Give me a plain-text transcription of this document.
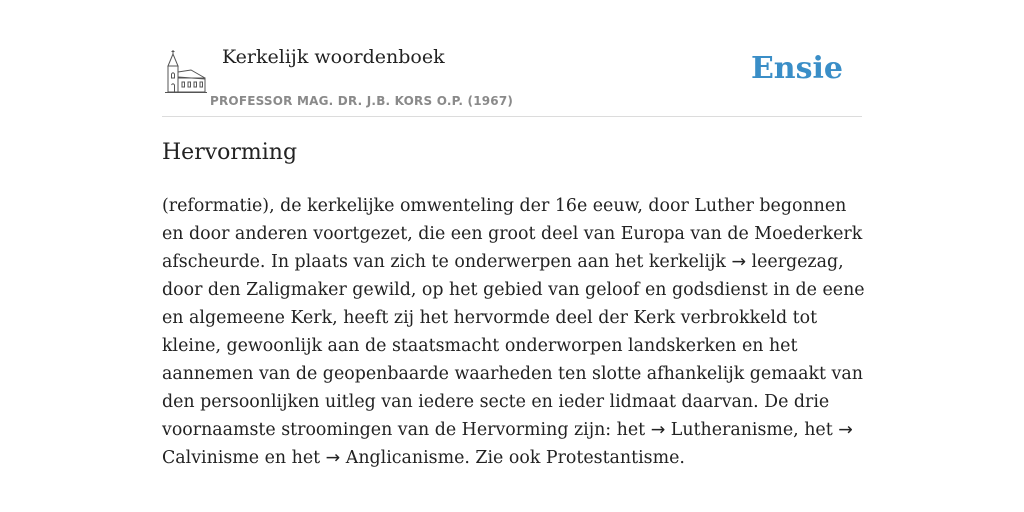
Kerkelijk woordenboek
PROFESSOR MAG. DR. J.B. KORS O.P. (1967)
Ensie
Hervorming

(reformatie), de kerkelijke omwenteling der 16e eeuw, door Luther begonnen en door anderen voortgezet, die een groot deel van Europa van de Moederkerk afscheurde. In plaats van zich te onderwerpen aan het kerkelijk → leergezag, door den Zaligmaker gewild, op het gebied van geloof en godsdienst in de eene en algemeene Kerk, heeft zij het hervormde deel der Kerk verbrokkeld tot kleine, gewoonlijk aan de staatsmacht onderworpen landskerken en het aannemen van de geopenbaarde waarheden ten slotte afhankelijk gemaakt van den persoonlijken uitleg van iedere secte en ieder lidmaat daarvan. De drie voornaamste stroomingen van de Hervorming zijn: het → Lutheranisme, het → Calvinisme en het → Anglicanisme. Zie ook Protestantisme.
